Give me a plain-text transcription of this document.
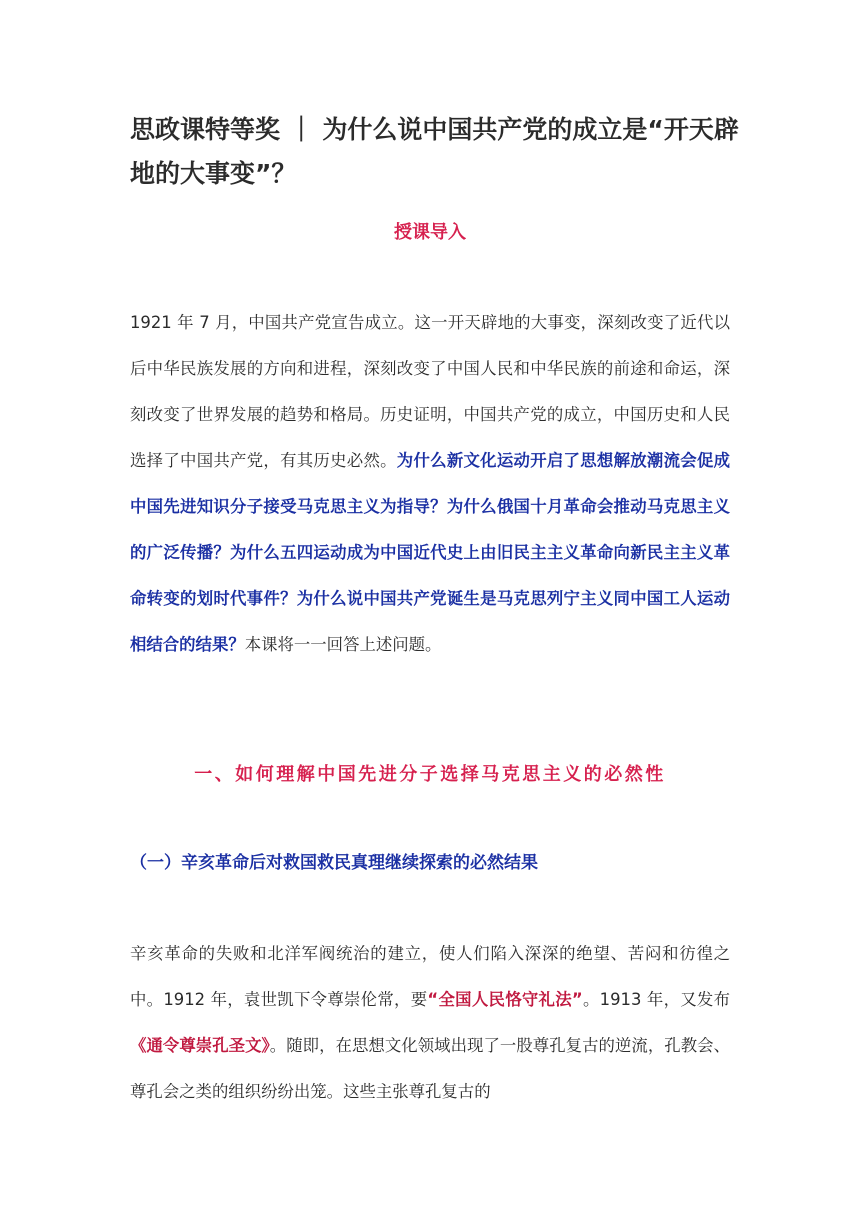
思政课特等奖 ｜ 为什么说中国共产党的成立是“开天辟地的大事变”？
授课导入

1921 年 7 月，中国共产党宣告成立。这一开天辟地的大事变，深刻改变了近代以后中华民族发展的方向和进程，深刻改变了中国人民和中华民族的前途和命运，深刻改变了世界发展的趋势和格局。历史证明，中国共产党的成立，中国历史和人民选择了中国共产党，有其历史必然。为什么新文化运动开启了思想解放潮流会促成中国先进知识分子接受马克思主义为指导？为什么俄国十月革命会推动马克思主义的广泛传播？为什么五四运动成为中国近代史上由旧民主主义革命向新民主主义革命转变的划时代事件？为什么说中国共产党诞生是马克思列宁主义同中国工人运动相结合的结果？本课将一一回答上述问题。

一、如何理解中国先进分子选择马克思主义的必然性
（一）辛亥革命后对救国救民真理继续探索的必然结果

辛亥革命的失败和北洋军阀统治的建立，使人们陷入深深的绝望、苦闷和彷徨之中。1912 年，袁世凯下令尊崇伦常，要“全国人民恪守礼法”。1913 年，又发布《通令尊崇孔圣文》。随即，在思想文化领域出现了一股尊孔复古的逆流，孔教会、尊孔会之类的组织纷纷出笼。这些主张尊孔复古的
